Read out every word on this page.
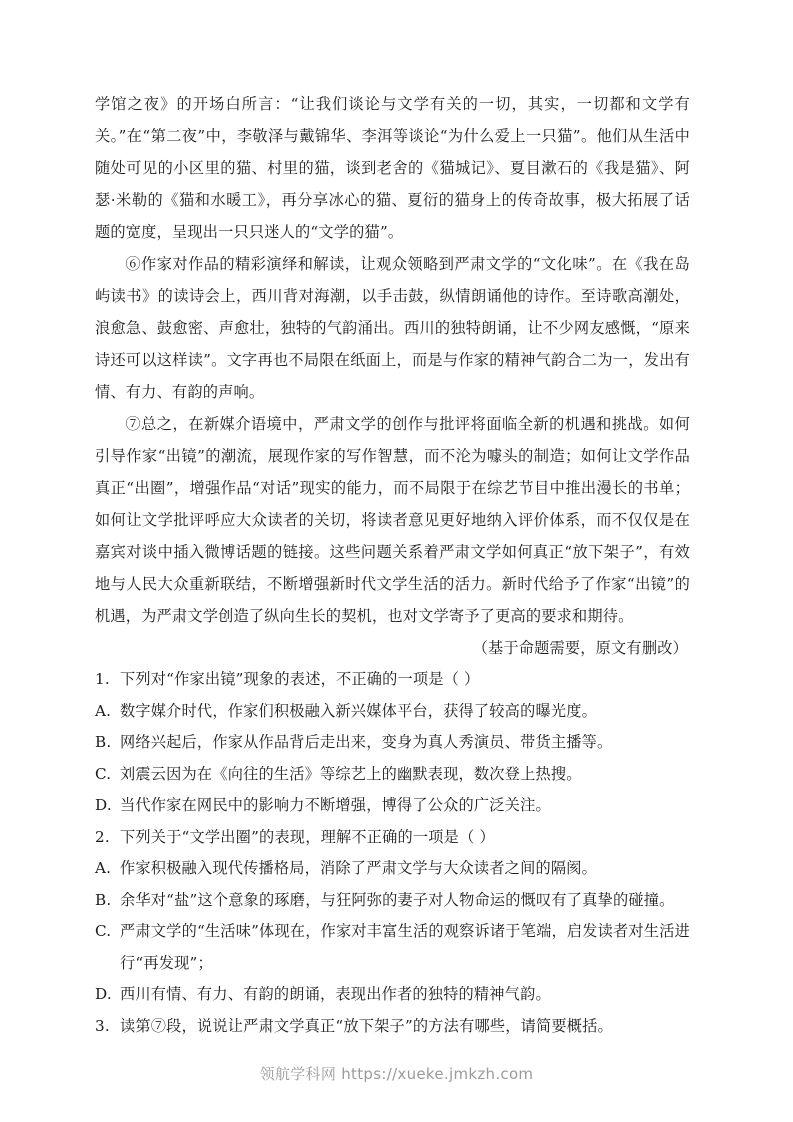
学馆之夜》的开场白所言：“让我们谈论与文学有关的一切，其实，一切都和文学有关。”在“第二夜”中，李敬泽与戴锦华、李洱等谈论“为什么爱上一只猫”。他们从生活中随处可见的小区里的猫、村里的猫，谈到老舍的《猫城记》、夏目漱石的《我是猫》、阿瑟·米勒的《猫和水暖工》，再分享冰心的猫、夏衍的猫身上的传奇故事，极大拓展了话题的宽度，呈现出一只只迷人的“文学的猫”。

⑥作家对作品的精彩演绎和解读，让观众领略到严肃文学的“文化味”。在《我在岛屿读书》的读诗会上，西川背对海潮，以手击鼓，纵情朗诵他的诗作。至诗歌高潮处，浪愈急、鼓愈密、声愈壮，独特的气韵涌出。西川的独特朗诵，让不少网友感慨，“原来诗还可以这样读”。文字再也不局限在纸面上，而是与作家的精神气韵合二为一，发出有情、有力、有韵的声响。

⑦总之，在新媒介语境中，严肃文学的创作与批评将面临全新的机遇和挑战。如何引导作家“出镜”的潮流，展现作家的写作智慧，而不沦为噱头的制造；如何让文学作品真正“出圈”，增强作品“对话”现实的能力，而不局限于在综艺节目中推出漫长的书单；如何让文学批评呼应大众读者的关切，将读者意见更好地纳入评价体系，而不仅仅是在嘉宾对谈中插入微博话题的链接。这些问题关系着严肃文学如何真正“放下架子”，有效地与人民大众重新联结，不断增强新时代文学生活的活力。新时代给予了作家“出镜”的机遇，为严肃文学创造了纵向生长的契机，也对文学寄予了更高的要求和期待。

（基于命题需要，原文有删改）

1. 下列对“作家出镜”现象的表述，不正确的一项是（ ）

A. 数字媒介时代，作家们积极融入新兴媒体平台，获得了较高的曝光度。

B. 网络兴起后，作家从作品背后走出来，变身为真人秀演员、带货主播等。

C. 刘震云因为在《向往的生活》等综艺上的幽默表现，数次登上热搜。

D. 当代作家在网民中的影响力不断增强，博得了公众的广泛关注。

2. 下列关于“文学出圈”的表现，理解不正确的一项是（ ）

A. 作家积极融入现代传播格局，消除了严肃文学与大众读者之间的隔阂。

B. 余华对“盐”这个意象的琢磨，与狂阿弥的妻子对人物命运的慨叹有了真挚的碰撞。

C. 严肃文学的“生活味”体现在，作家对丰富生活的观察诉诸于笔端，启发读者对生活进行“再发现”；

D. 西川有情、有力、有韵的朗诵，表现出作者的独特的精神气韵。

3. 读第⑦段，说说让严肃文学真正“放下架子”的方法有哪些，请简要概括。

领航学科网 https://xueke.jmkzh.com
